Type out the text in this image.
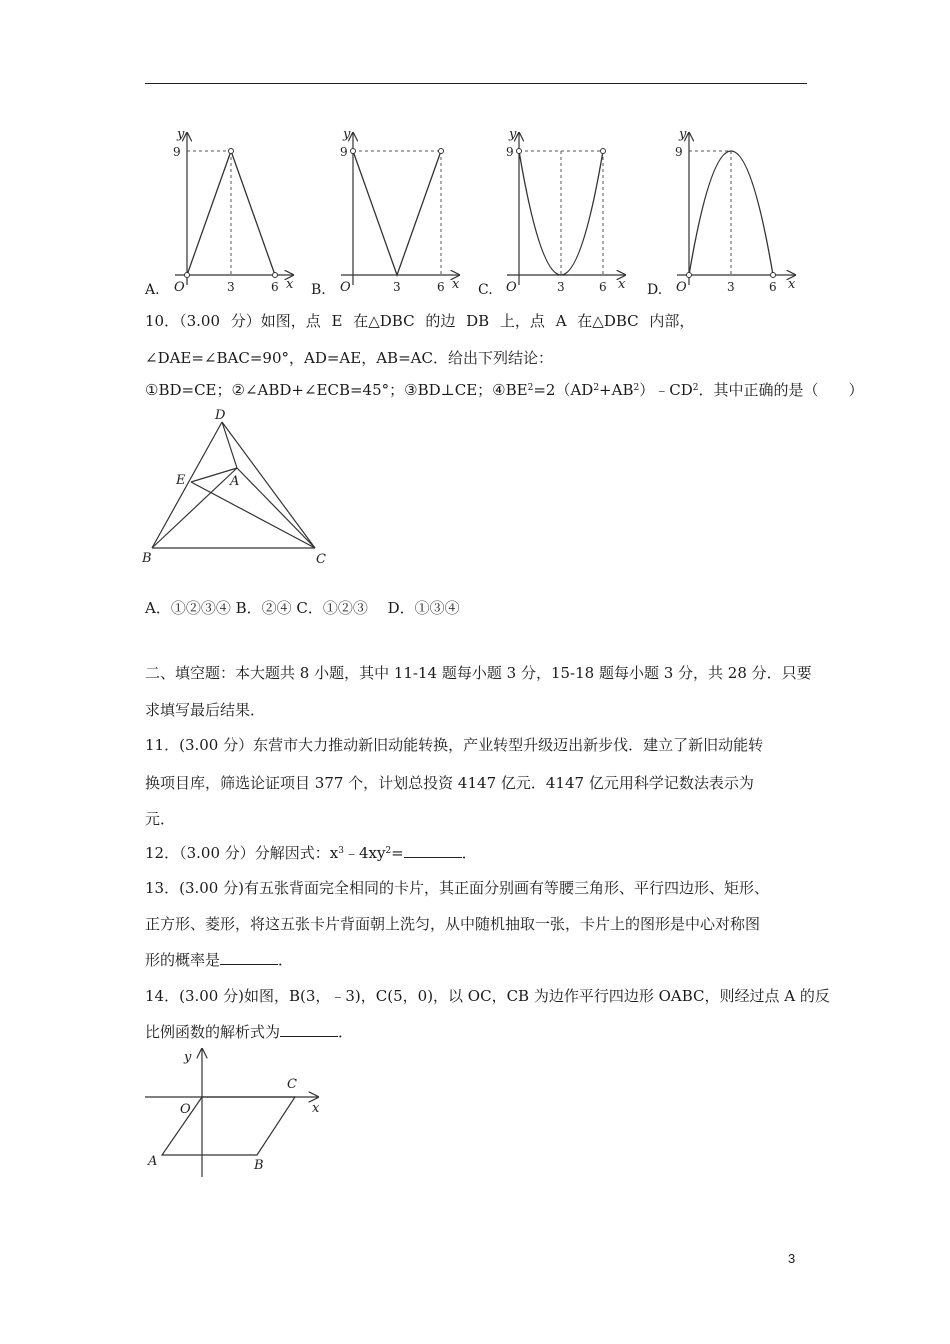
y
9
O	3	6 x
y
9
O	3	6 x
y
9
O	3	6 x
y
9
O	3	6 x
A.	B.	C.	D.
10．（3.00 分）如图，点 E 在△DBC 的边 DB 上，点 A 在△DBC 内部，
∠DAE=∠BAC=90°，AD=AE，AB=AC．给出下列结论：
①BD=CE；②∠ABD+∠ECB=45°；③BD⊥CE；$④BE^2=2(AD^2+AB^2)﹣CD^2$．其中正确的是（　　）
D
E	A
B	C
A．①②③④ B．②④ C．①②③　 D．①③④
二、填空题：本大题共 8 小题，其中 11-14 题每小题 3 分，15-18 题每小题 3 分，共 28 分．只要
求填写最后结果．
11．(3.00 分）东营市大力推动新旧动能转换，产业转型升级迈出新步伐．建立了新旧动能转
换项目库，筛选论证项目 377 个，计划总投资 4147 亿元．4147 亿元用科学记数法表示为
元．
12．（3.00 分）分解因式：$x^3﹣4xy^2=$	．
13．(3.00 分)有五张背面完全相同的卡片，其正面分别画有等腰三角形、平行四边形、矩形、
正方形、菱形，将这五张卡片背面朝上洗匀，从中随机抽取一张，卡片上的图形是中心对称图
形的概率是	．
14．(3.00 分)如图，B(3，﹣3)，C(5，0)，以 OC，CB 为边作平行四边形 OABC，则经过点 A 的反
比例函数的解析式为	．
y
x
O
C
A	B
3
